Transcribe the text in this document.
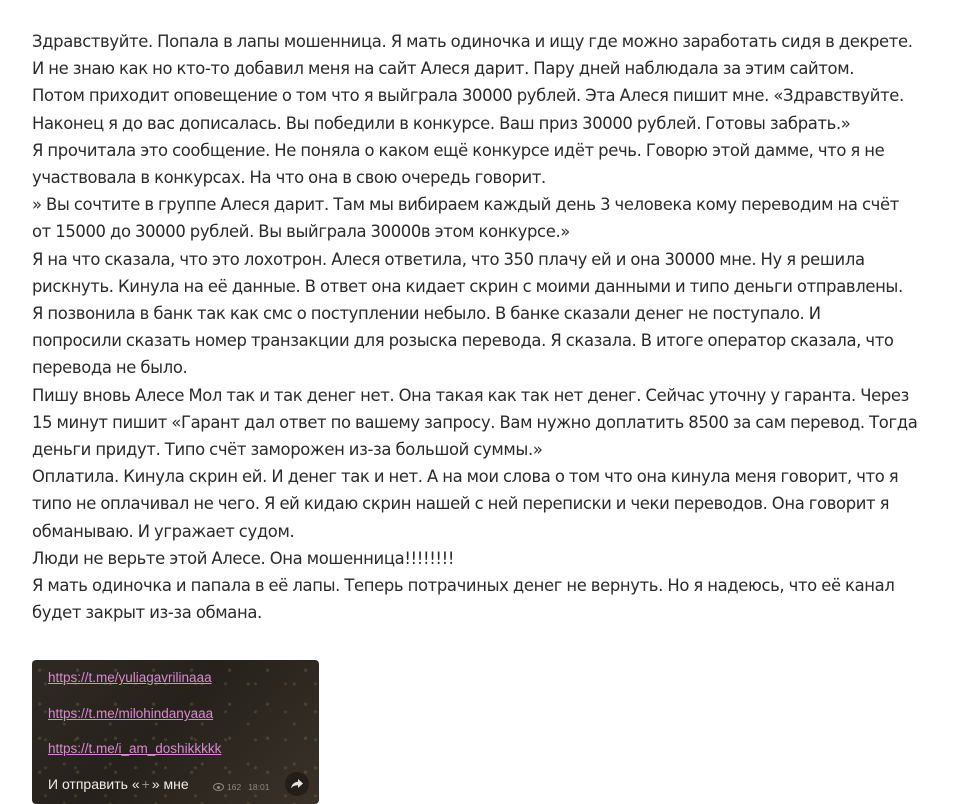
Здравствуйте. Попала в лапы мошенница. Я мать одиночка и ищу где можно заработать сидя в декрете.

И не знаю как но кто-то добавил меня на сайт Алеся дарит. Пару дней наблюдала за этим сайтом.

Потом приходит оповещение о том что я выйграла 30000 рублей. Эта Алеся пишит мне. «Здравствуйте.

Наконец я до вас дописалась. Вы победили в конкурсе. Ваш приз 30000 рублей. Готовы забрать.»

Я прочитала это сообщение. Не поняла о каком ещё конкурсе идёт речь. Говорю этой дамме, что я не

участвовала в конкурсах. На что она в свою очередь говорит.

» Вы сочтите в группе Алеся дарит. Там мы вибираем каждый день 3 человека кому переводим на счёт

от 15000 до 30000 рублей. Вы выйграла 30000в этом конкурсе.»

Я на что сказала, что это лохотрон. Алеся ответила, что 350 плачу ей и она 30000 мне. Ну я решила

рискнуть. Кинула на её данные. В ответ она кидает скрин с моими данными и типо деньги отправлены.

Я позвонила в банк так как смс о поступлении небыло. В банке сказали денег не поступало. И

попросили сказать номер транзакции для розыска перевода. Я сказала. В итоге оператор сказала, что

перевода не было.

Пишу вновь Алесе Мол так и так денег нет. Она такая как так нет денег. Сейчас уточну у гаранта. Через

15 минут пишит «Гарант дал ответ по вашему запросу. Вам нужно доплатить 8500 за сам перевод. Тогда

деньги придут. Типо счёт заморожен из-за большой суммы.»

Оплатила. Кинула скрин ей. И денег так и нет. А на мои слова о том что она кинула меня говорит, что я

типо не оплачивал не чего. Я ей кидаю скрин нашей с ней переписки и чеки переводов. Она говорит я

обманываю. И угражает судом.

Люди не верьте этой Алесе. Она мошенница!!!!!!!!

Я мать одиночка и папала в её лапы. Теперь потрачиных денег не вернуть. Но я надеюсь, что её канал

будет закрыт из-за обмана.

https://t.me/yuliagavrilinaaa
https://t.me/milohindanyaaa
https://t.me/i_am_doshikkkkk
И отправить « + » мне	162 18:01
